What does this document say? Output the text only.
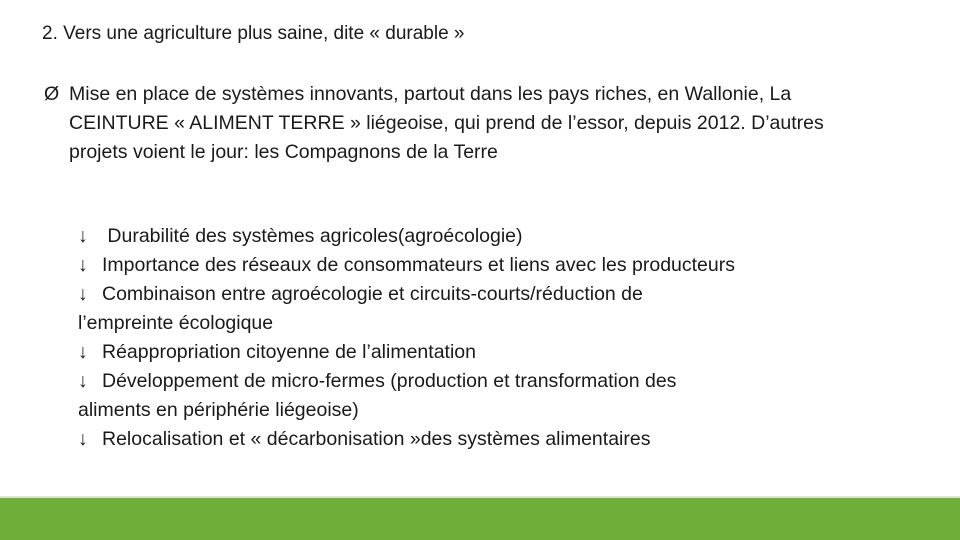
2. Vers une agriculture plus saine, dite « durable »
Ø Mise en place de systèmes innovants, partout dans les pays riches, en Wallonie, La CEINTURE « ALIMENT TERRE » liégeoise, qui prend de l’essor, depuis 2012. D’autres projets voient le jour: les Compagnons de la Terre
↓ Durabilité des systèmes agricoles(agroécologie)
↓ Importance des réseaux de consommateurs et liens avec les producteurs
↓ Combinaison entre agroécologie et circuits-courts/réduction de
l’empreinte écologique
↓ Réappropriation citoyenne de l’alimentation
↓ Développement de micro-fermes (production et transformation des
aliments en périphérie liégeoise)
↓ Relocalisation et « décarbonisation »des systèmes alimentaires
